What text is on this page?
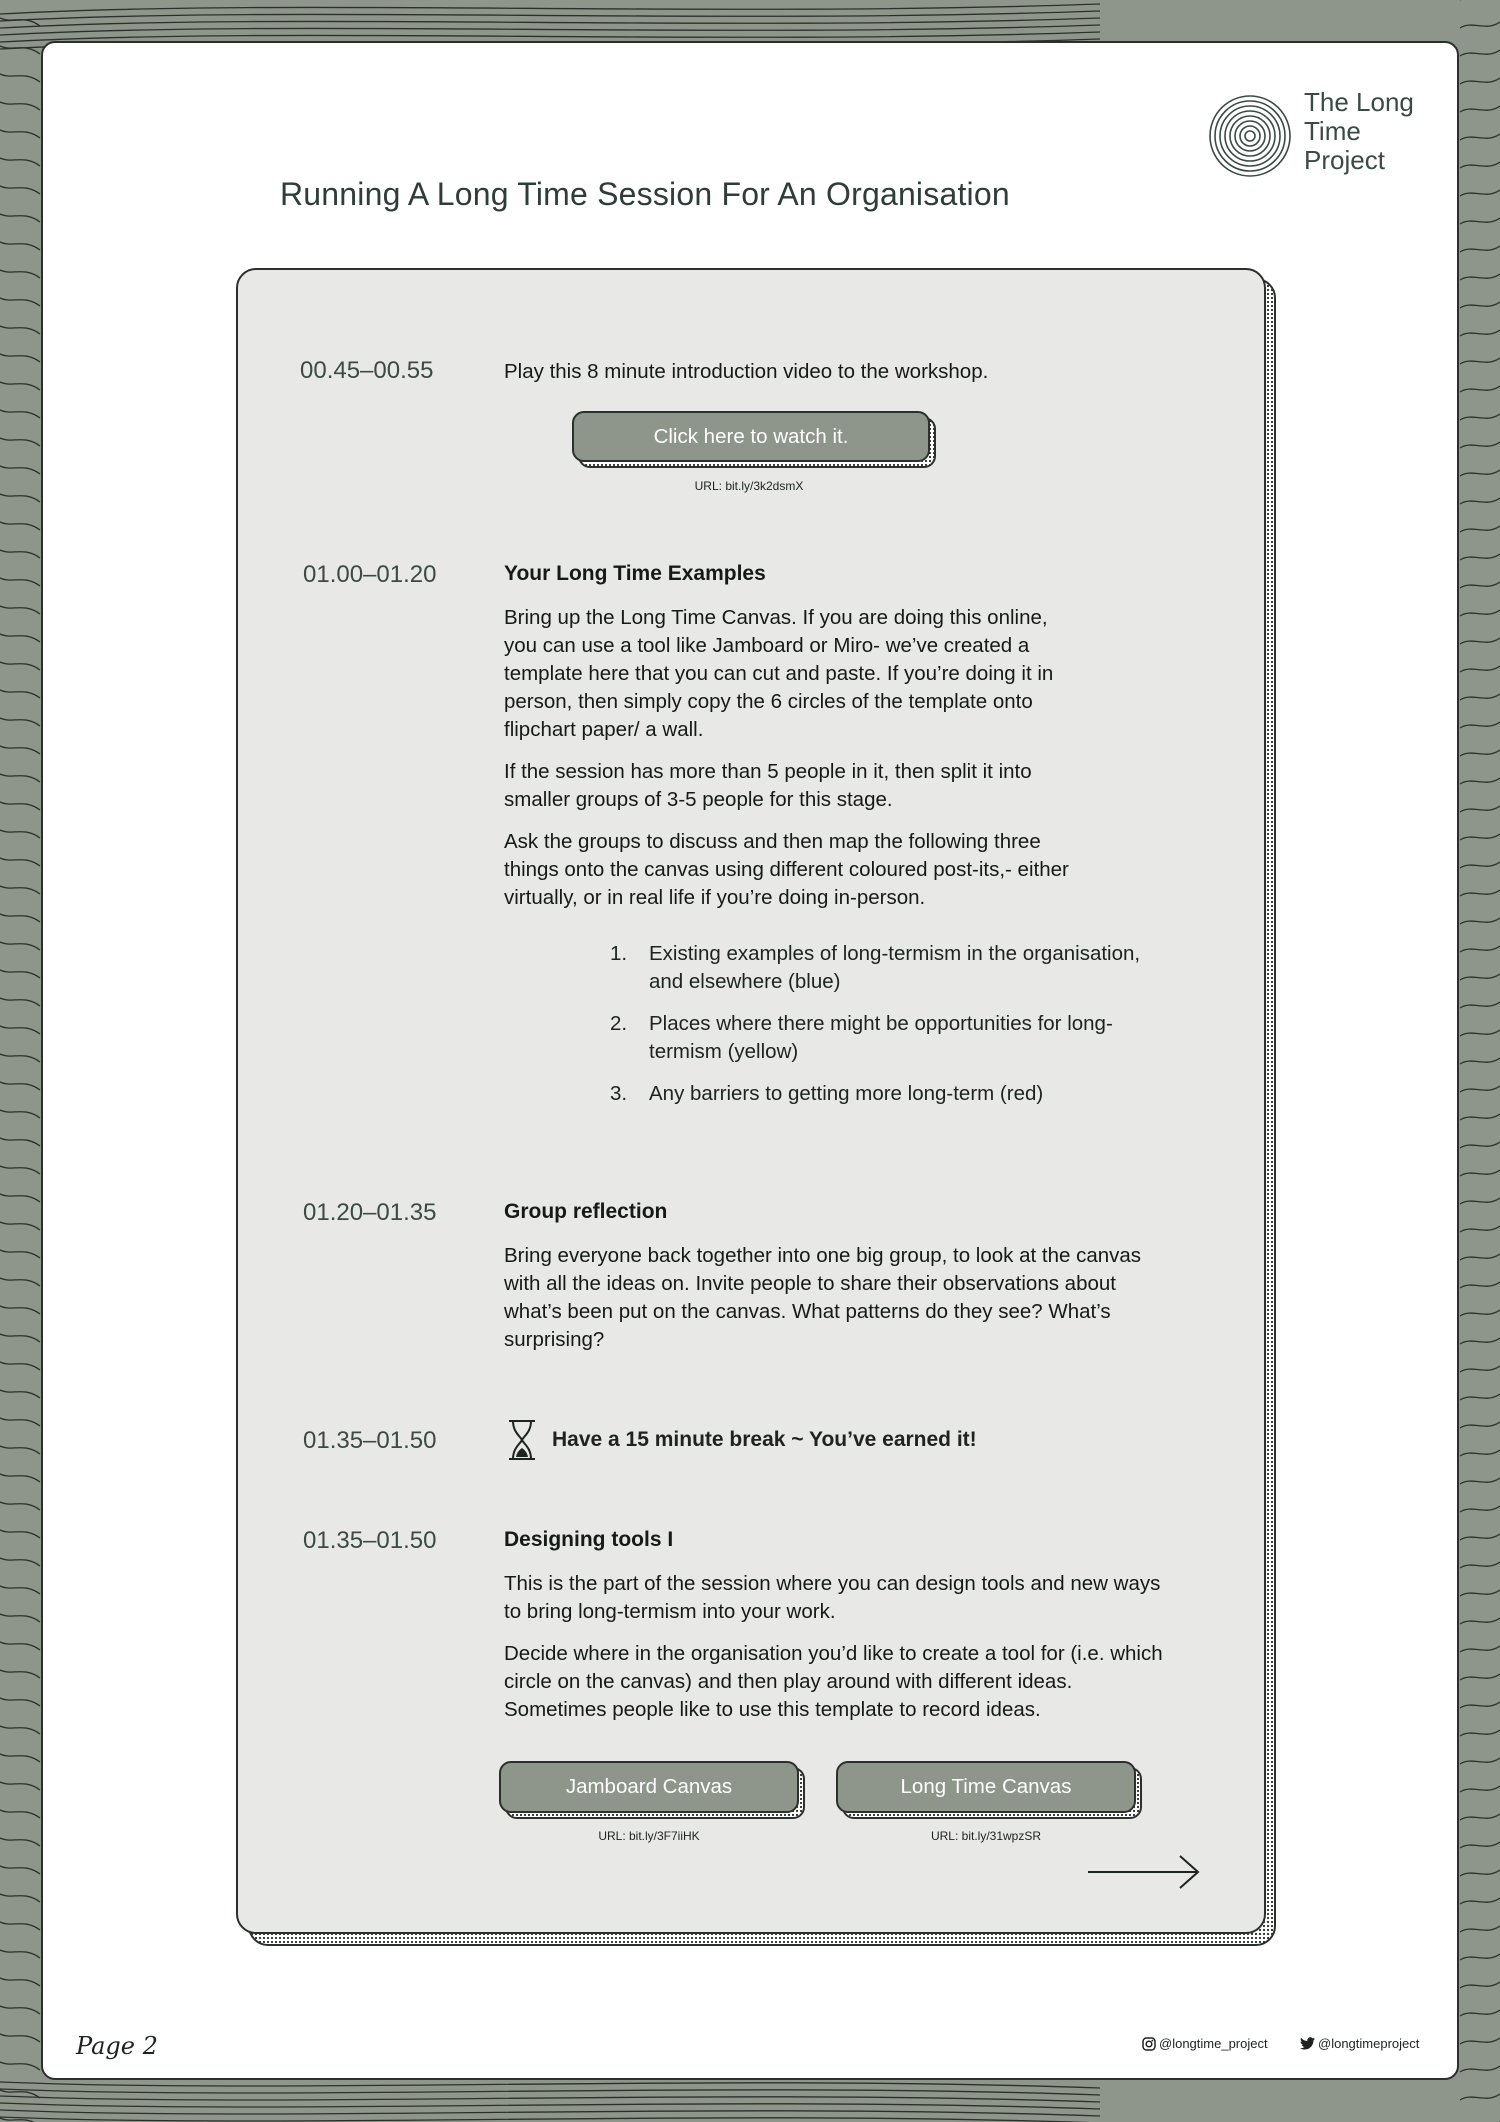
The Long
Time
Project
Running A Long Time Session For An Organisation
00.45–00.55	Play this 8 minute introduction video to the workshop.
Click here to watch it.
URL: bit.ly/3k2dsmX
01.00–01.20	Your Long Time Examples

Bring up the Long Time Canvas. If you are doing this online, you can use a tool like Jamboard or Miro- we’ve created a template here that you can cut and paste. If you’re doing it in person, then simply copy the 6 circles of the template onto flipchart paper/ a wall.

If the session has more than 5 people in it, then split it into smaller groups of 3-5 people for this stage.

Ask the groups to discuss and then map the following three things onto the canvas using different coloured post-its,- either virtually, or in real life if you’re doing in-person.

1. Existing examples of long-termism in the organisation, and elsewhere (blue)
2. Places where there might be opportunities for long-termism (yellow)
3. Any barriers to getting more long-term (red)
01.20–01.35	Group reflection

Bring everyone back together into one big group, to look at the canvas with all the ideas on. Invite people to share their observations about what’s been put on the canvas. What patterns do they see? What’s surprising?

01.35–01.50	Have a 15 minute break ~ You’ve earned it!
01.35–01.50	Designing tools I

This is the part of the session where you can design tools and new ways to bring long-termism into your work.

Decide where in the organisation you’d like to create a tool for (i.e. which circle on the canvas) and then play around with different ideas. Sometimes people like to use this template to record ideas.

Jamboard Canvas
URL: bit.ly/3F7iiHK
Long Time Canvas
URL: bit.ly/31wpzSR
Page 2	@longtime_project	@longtimeproject
